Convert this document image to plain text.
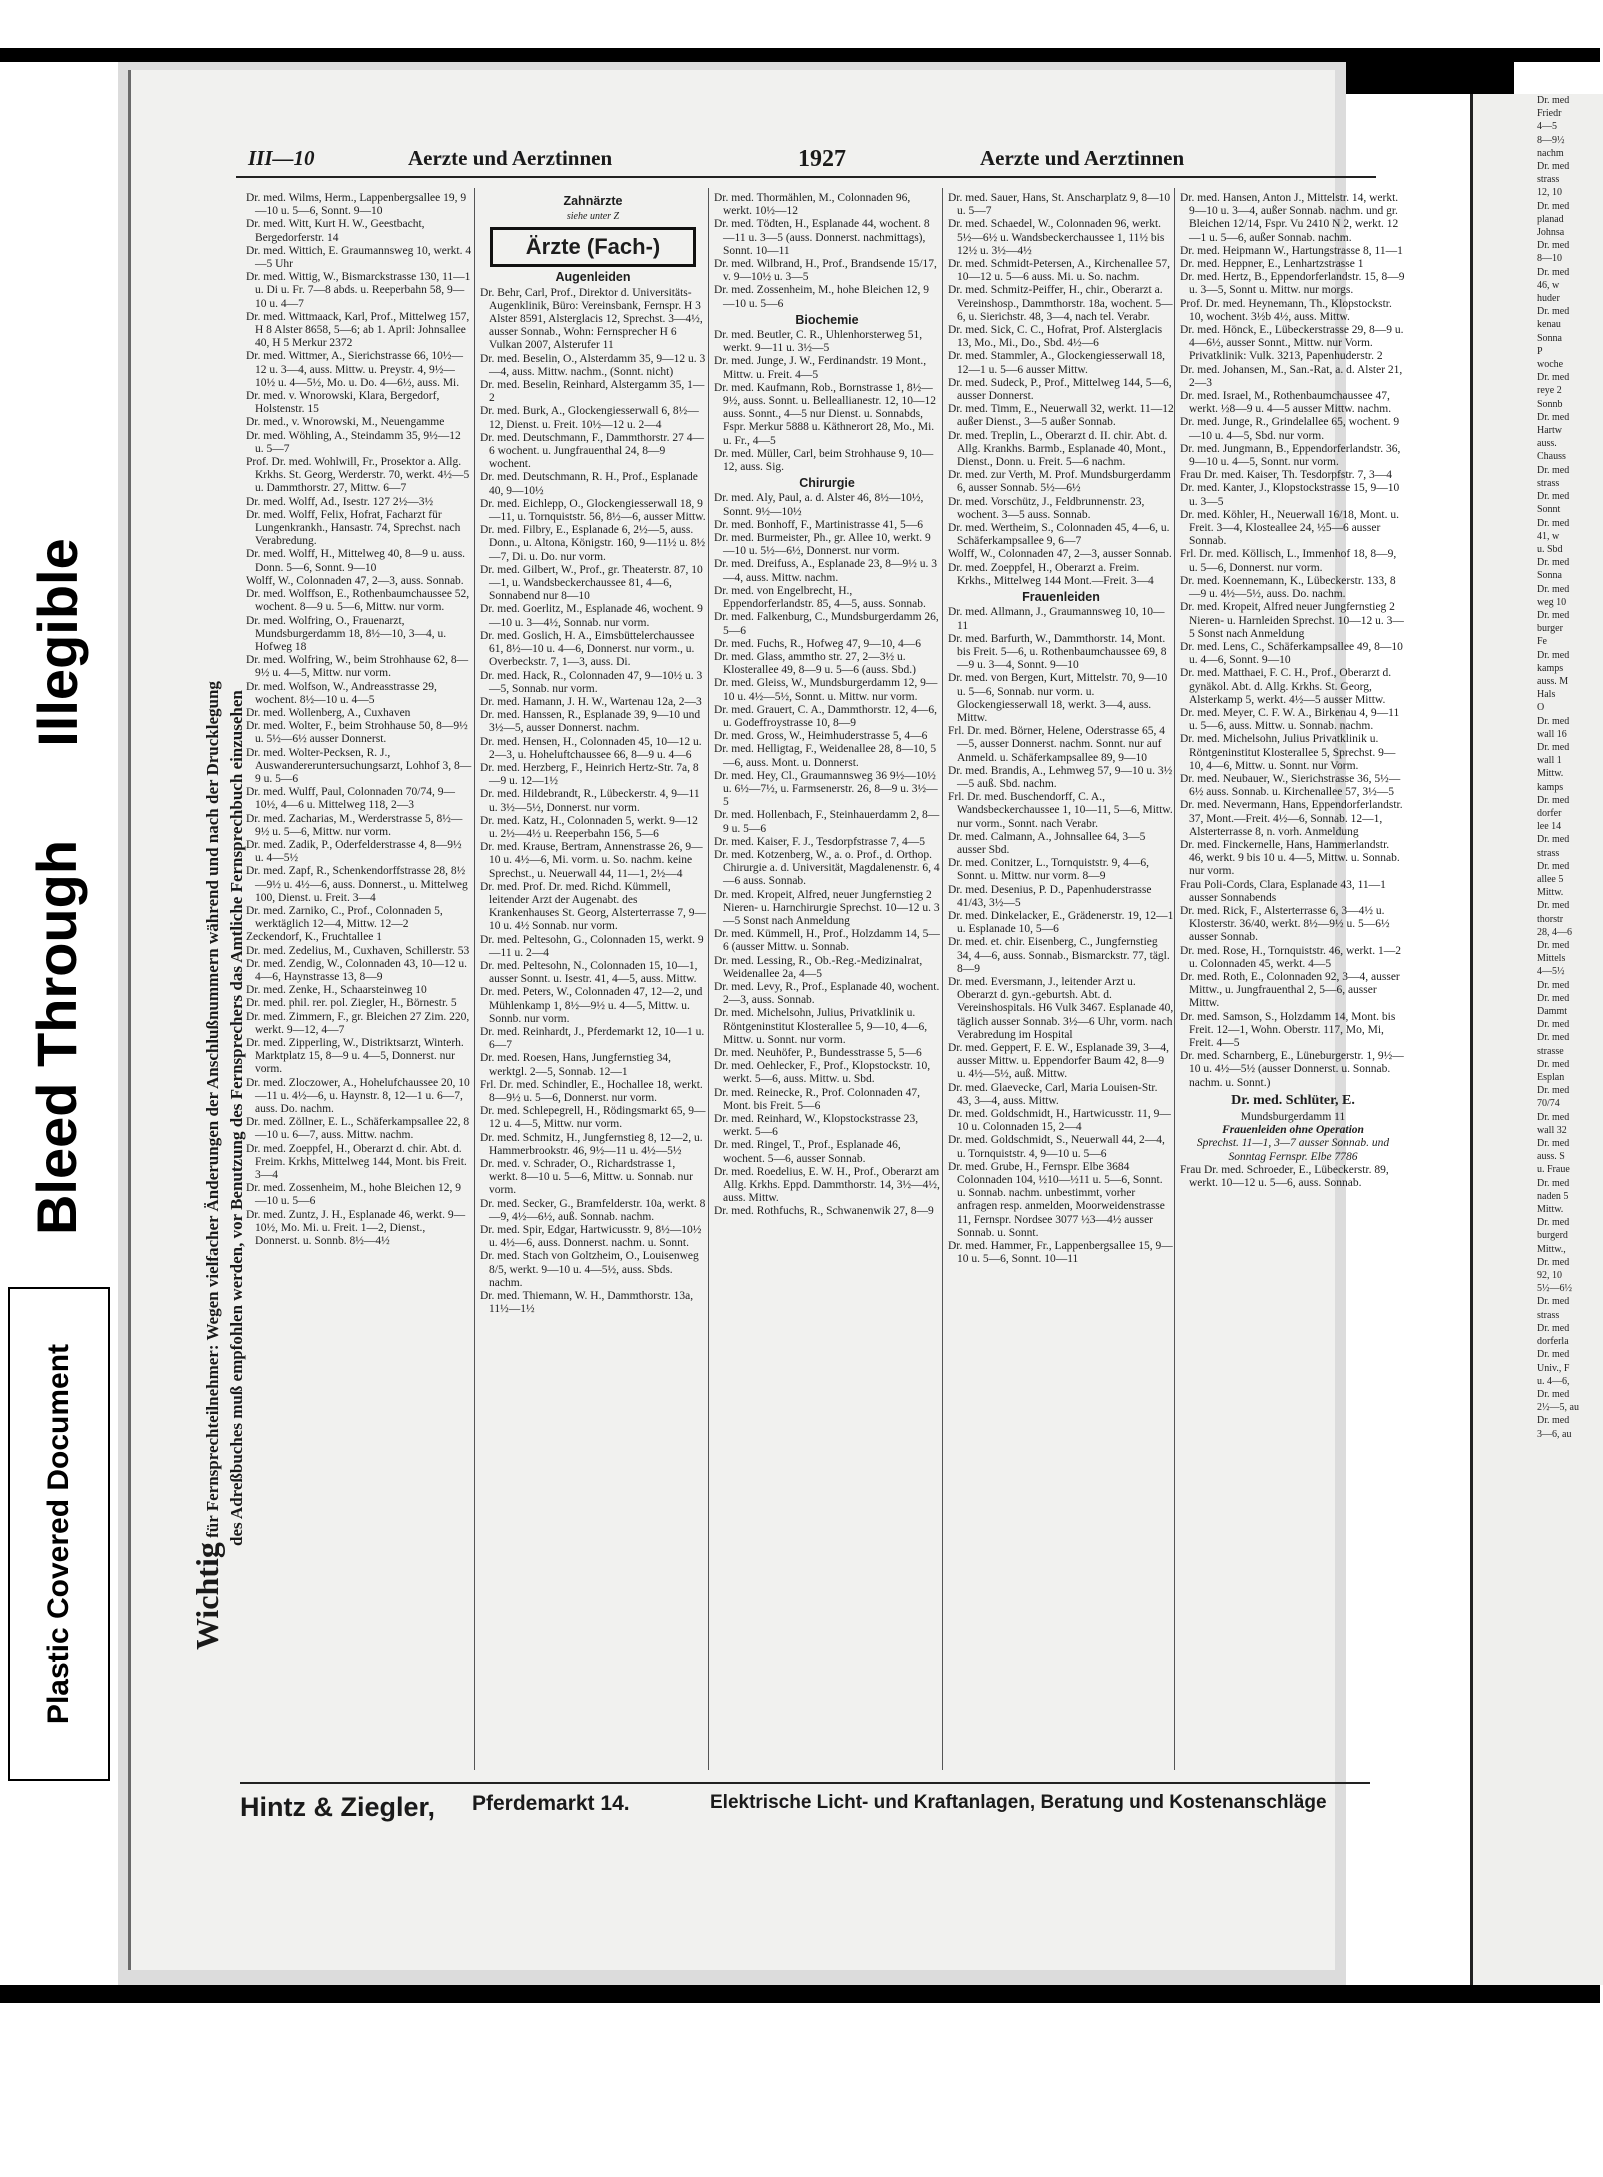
Illegible
Bleed Through
Plastic Covered Document
Dr. med
Friedr
4—5
8—9½
nachm
Dr. med
strass
12, 10
Dr. med
planad
Johnsa
Dr. med
8—10
Dr. med
46, w
huder
Dr. med
kenau
Sonna
P
woche
Dr. med
reye 2
Sonnb
Dr. med
Hartw
auss.
Chauss
Dr. med
strass
Dr. med
Sonnt
Dr. med
41, w
u. Sbd
Dr. med
Sonna
Dr. med
weg 10
Dr. med
burger
Fe
Dr. med
kamps
auss. M
Hals
O
Dr. med
wall 16
Dr. med
wall 1
Mittw.
kamps
Dr. med
dorfer
lee 14
Dr. med
strass
Dr. med
allee 5
Mittw.
Dr. med
thorstr
28, 4—6
Dr. med
Mittels
4—5½
Dr. med
Dr. med
Dammt
Dr. med
Dr. med
strasse
Dr. med
Esplan
Dr. med
70/74
Dr. med
wall 32
Dr. med
auss. S
u. Fraue
Dr. med
naden 5
Mittw.
Dr. med
burgerd
Mittw.,
Dr. med
92, 10
5½—6½
Dr. med
strass
Dr. med
dorferla
Dr. med
Univ., F
u. 4—6,
Dr. med
2½—5, au
Dr. med
3—6, au
III—10	Aerzte und Aerztinnen	1927	Aerzte und Aerztinnen

Wichtig für Fernsprechteilnehmer: Wegen vielfacher Änderungen der Anschlußnummern während und nach der Drucklegung des Adreßbuches muß empfohlen werden, vor Benutzung des Fernsprechers das Amtliche Fernsprechbuch einzusehen

Dr. med. Wilms, Herm., Lappenbergsallee 19, 9—10 u. 5—6, Sonnt. 9—10

Dr. med. Witt, Kurt H. W., Geestbacht, Bergedorferstr. 14

Dr. med. Wittich, E. Graumannsweg 10, werkt. 4—5 Uhr

Dr. med. Wittig, W., Bismarckstrasse 130, 11—1 u. Di u. Fr. 7—8 abds. u. Reeperbahn 58, 9—10 u. 4—7

Dr. med. Wittmaack, Karl, Prof., Mittelweg 157, H 8 Alster 8658, 5—6; ab 1. April: Johnsallee 40, H 5 Merkur 2372

Dr. med. Wittmer, A., Sierichstrasse 66, 10½—12 u. 3—4, auss. Mittw. u. Preystr. 4, 9½—10½ u. 4—5½, Mo. u. Do. 4—6½, auss. Mi.

Dr. med. v. Wnorowski, Klara, Bergedorf, Holstenstr. 15

Dr. med., v. Wnorowski, M., Neuengamme

Dr. med. Wöhling, A., Steindamm 35, 9½—12 u. 5—7

Prof. Dr. med. Wohlwill, Fr., Prosektor a. Allg. Krkhs. St. Georg, Werderstr. 70, werkt. 4½—5 u. Dammthorstr. 27, Mittw. 6—7

Dr. med. Wolff, Ad., Isestr. 127 2½—3½

Dr. med. Wolff, Felix, Hofrat, Facharzt für Lungenkrankh., Hansastr. 74, Sprechst. nach Verabredung.

Dr. med. Wolff, H., Mittelweg 40, 8—9 u. auss. Donn. 5—6, Sonnt. 9—10

Wolff, W., Colonnaden 47, 2—3, auss. Sonnab.

Dr. med. Wolffson, E., Rothenbaumchaussee 52, wochent. 8—9 u. 5—6, Mittw. nur vorm.

Dr. med. Wolfring, O., Frauenarzt, Mundsburgerdamm 18, 8½—10, 3—4, u. Hofweg 18

Dr. med. Wolfring, W., beim Strohhause 62, 8—9½ u. 4—5, Mittw. nur vorm.

Dr. med. Wolfson, W., Andreasstrasse 29, wochent. 8½—10 u. 4—5

Dr. med. Wollenberg, A., Cuxhaven

Dr. med. Wolter, F., beim Strohhause 50, 8—9½ u. 5½—6½ ausser Donnerst.

Dr. med. Wolter-Pecksen, R. J., Auswandereruntersuchungsarzt, Lohhof 3, 8—9 u. 5—6

Dr. med. Wulff, Paul, Colonnaden 70/74, 9—10½, 4—6 u. Mittelweg 118, 2—3

Dr. med. Zacharias, M., Werderstrasse 5, 8½—9½ u. 5—6, Mittw. nur vorm.

Dr. med. Zadik, P., Oderfelderstrasse 4, 8—9½ u. 4—5½

Dr. med. Zapf, R., Schenkendorffstrasse 28, 8½—9½ u. 4½—6, auss. Donnerst., u. Mittelweg 100, Dienst. u. Freit. 3—4

Dr. med. Zarniko, C., Prof., Colonnaden 5, werktäglich 12—4, Mittw. 12—2

Zeckendorf, K., Fruchtallee 1

Dr. med. Zedelius, M., Cuxhaven, Schillerstr. 53

Dr. med. Zendig, W., Colonnaden 43, 10—12 u. 4—6, Haynstrasse 13, 8—9

Dr. med. Zenke, H., Schaarsteinweg 10

Dr. med. phil. rer. pol. Ziegler, H., Börnestr. 5

Dr. med. Zimmern, F., gr. Bleichen 27 Zim. 220, werkt. 9—12, 4—7

Dr. med. Zipperling, W., Distriktsarzt, Winterh. Marktplatz 15, 8—9 u. 4—5, Donnerst. nur vorm.

Dr. med. Zloczower, A., Hohelufchaussee 20, 10—11 u. 4½—6, u. Haynstr. 8, 12—1 u. 6—7, auss. Do. nachm.

Dr. med. Zöllner, E. L., Schäferkampsallee 22, 8—10 u. 6—7, auss. Mittw. nachm.

Dr. med. Zoeppfel, H., Oberarzt d. chir. Abt. d. Freim. Krkhs, Mittelweg 144, Mont. bis Freit. 3—4

Dr. med. Zossenheim, M., hohe Bleichen 12, 9—10 u. 5—6

Dr. med. Zuntz, J. H., Esplanade 46, werkt. 9—10½, Mo. Mi. u. Freit. 1—2, Dienst., Donnerst. u. Sonnb. 8½—4½

Zahnärzte
siehe unter Z
Ärzte (Fach-)
Augenleiden

Dr. Behr, Carl, Prof., Direktor d. Universitäts-Augenklinik, Büro: Vereinsbank, Fernspr. H 3 Alster 8591, Alsterglacis 12, Sprechst. 3—4½, ausser Sonnab., Wohn: Fernsprecher H 6 Vulkan 2007, Alsterufer 11

Dr. med. Beselin, O., Alsterdamm 35, 9—12 u. 3—4, auss. Mittw. nachm., (Sonnt. nicht)

Dr. med. Beselin, Reinhard, Alstergamm 35, 1—2

Dr. med. Burk, A., Glockengiesserwall 6, 8½—12, Dienst. u. Freit. 10½—12 u. 2—4

Dr. med. Deutschmann, F., Dammthorstr. 27 4—6 wochent. u. Jungfrauenthal 24, 8—9 wochent.

Dr. med. Deutschmann, R. H., Prof., Esplanade 40, 9—10½

Dr. med. Eichlepp, O., Glockengiesserwall 18, 9—11, u. Tornquiststr. 56, 8½—6, ausser Mittw.

Dr. med. Filbry, E., Esplanade 6, 2½—5, auss. Donn., u. Altona, Königstr. 160, 9—11½ u. 8½—7, Di. u. Do. nur vorm.

Dr. med. Gilbert, W., Prof., gr. Theaterstr. 87, 10—1, u. Wandsbeckerchaussee 81, 4—6, Sonnabend nur 8—10

Dr. med. Goerlitz, M., Esplanade 46, wochent. 9—10 u. 3—4½, Sonnab. nur vorm.

Dr. med. Goslich, H. A., Eimsbüttelerchaussee 61, 8½—10 u. 4—6, Donnerst. nur vorm., u. Overbeckstr. 7, 1—3, auss. Di.

Dr. med. Hack, R., Colonnaden 47, 9—10½ u. 3—5, Sonnab. nur vorm.

Dr. med. Hamann, J. H. W., Wartenau 12a, 2—3

Dr. med. Hanssen, R., Esplanade 39, 9—10 und 3½—5, ausser Donnerst. nachm.

Dr. med. Hensen, H., Colonnaden 45, 10—12 u. 2—3, u. Hoheluftchaussee 66, 8—9 u. 4—6

Dr. med. Herzberg, F., Heinrich Hertz-Str. 7a, 8—9 u. 12—1½

Dr. med. Hildebrandt, R., Lübeckerstr. 4, 9—11 u. 3½—5½, Donnerst. nur vorm.

Dr. med. Katz, H., Colonnaden 5, werkt. 9—12 u. 2½—4½ u. Reeperbahn 156, 5—6

Dr. med. Krause, Bertram, Annenstrasse 26, 9—10 u. 4½—6, Mi. vorm. u. So. nachm. keine Sprechst., u. Neuerwall 44, 11—1, 2½—4

Dr. med. Prof. Dr. med. Richd. Kümmell, leitender Arzt der Augenabt. des Krankenhauses St. Georg, Alsterterrasse 7, 9—10 u. 4½ Sonnab. nur vorm.

Dr. med. Peltesohn, G., Colonnaden 15, werkt. 9—11 u. 2—4

Dr. med. Peltesohn, N., Colonnaden 15, 10—1, ausser Sonnt. u. Isestr. 41, 4—5, auss. Mittw.

Dr. med. Peters, W., Colonnaden 47, 12—2, und Mühlenkamp 1, 8½—9½ u. 4—5, Mittw. u. Sonnb. nur vorm.

Dr. med. Reinhardt, J., Pferdemarkt 12, 10—1 u. 6—7

Dr. med. Roesen, Hans, Jungfernstieg 34, werktgl. 2—5, Sonnab. 12—1

Frl. Dr. med. Schindler, E., Hochallee 18, werkt. 8—9½ u. 5—6, Donnerst. nur vorm.

Dr. med. Schlepegrell, H., Rödingsmarkt 65, 9—12 u. 4—5, Mittw. nur vorm.

Dr. med. Schmitz, H., Jungfernstieg 8, 12—2, u. Hammerbrookstr. 46, 9½—11 u. 4½—5½

Dr. med. v. Schrader, O., Richardstrasse 1, werkt. 8—10 u. 5—6, Mittw. u. Sonnab. nur vorm.

Dr. med. Secker, G., Bramfelderstr. 10a, werkt. 8—9, 4½—6½, auß. Sonnab. nachm.

Dr. med. Spir, Edgar, Hartwicusstr. 9, 8½—10½ u. 4½—6, auss. Donnerst. nachm. u. Sonnt.

Dr. med. Stach von Goltzheim, O., Louisenweg 8/5, werkt. 9—10 u. 4—5½, auss. Sbds. nachm.

Dr. med. Thiemann, W. H., Dammthorstr. 13a, 11½—1½

Dr. med. Thormählen, M., Colonnaden 96, werkt. 10½—12

Dr. med. Tödten, H., Esplanade 44, wochent. 8—11 u. 3—5 (auss. Donnerst. nachmittags), Sonnt. 10—11

Dr. med. Wilbrand, H., Prof., Brandsende 15/17, v. 9—10½ u. 3—5

Dr. med. Zossenheim, M., hohe Bleichen 12, 9—10 u. 5—6

Biochemie

Dr. med. Beutler, C. R., Uhlenhorsterweg 51, werkt. 9—11 u. 3½—5

Dr. med. Junge, J. W., Ferdinandstr. 19 Mont., Mittw. u. Freit. 4—5

Dr. med. Kaufmann, Rob., Bornstrasse 1, 8½—9½, auss. Sonnt. u. Belleallianestr. 12, 10—12 auss. Sonnt., 4—5 nur Dienst. u. Sonnabds, Fspr. Merkur 5888 u. Käthnerort 28, Mo., Mi. u. Fr., 4—5

Dr. med. Müller, Carl, beim Strohhause 9, 10—12, auss. Sig.

Chirurgie

Dr. med. Aly, Paul, a. d. Alster 46, 8½—10½, Sonnt. 9½—10½

Dr. med. Bonhoff, F., Martinistrasse 41, 5—6

Dr. med. Burmeister, Ph., gr. Allee 10, werkt. 9—10 u. 5½—6½, Donnerst. nur vorm.

Dr. med. Dreifuss, A., Esplanade 23, 8—9½ u. 3—4, auss. Mittw. nachm.

Dr. med. von Engelbrecht, H., Eppendorferlandstr. 85, 4—5, auss. Sonnab.

Dr. med. Falkenburg, C., Mundsburgerdamm 26, 5—6

Dr. med. Fuchs, R., Hofweg 47, 9—10, 4—6

Dr. med. Glass, ammtho str. 27, 2—3½ u. Klosterallee 49, 8—9 u. 5—6 (auss. Sbd.)

Dr. med. Gleiss, W., Mundsburgerdamm 12, 9—10 u. 4½—5½, Sonnt. u. Mittw. nur vorm.

Dr. med. Grauert, C. A., Dammthorstr. 12, 4—6, u. Godeffroystrasse 10, 8—9

Dr. med. Gross, W., Heimhuderstrasse 5, 4—6

Dr. med. Helligtag, F., Weidenallee 28, 8—10, 5—6, auss. Mont. u. Donnerst.

Dr. med. Hey, Cl., Graumannsweg 36 9½—10½ u. 6½—7½, u. Farmsenerstr. 26, 8—9 u. 3½—5

Dr. med. Hollenbach, F., Steinhauerdamm 2, 8—9 u. 5—6

Dr. med. Kaiser, F. J., Tesdorpfstrasse 7, 4—5

Dr. med. Kotzenberg, W., a. o. Prof., d. Orthop. Chirurgie a. d. Universität, Magdalenenstr. 6, 4—6 auss. Sonnab.

Dr. med. Kropeit, Alfred, neuer Jungfernstieg 2 Nieren- u. Harnchirurgie Sprechst. 10—12 u. 3—5 Sonst nach Anmeldung

Dr. med. Kümmell, H., Prof., Holzdamm 14, 5—6 (ausser Mittw. u. Sonnab.

Dr. med. Lessing, R., Ob.-Reg.-Medizinalrat, Weidenallee 2a, 4—5

Dr. med. Levy, R., Prof., Esplanade 40, wochent. 2—3, auss. Sonnab.

Dr. med. Michelsohn, Julius, Privatklinik u. Röntgeninstitut Klosterallee 5, 9—10, 4—6, Mittw. u. Sonnt. nur vorm.

Dr. med. Neuhöfer, P., Bundesstrasse 5, 5—6

Dr. med. Oehlecker, F., Prof., Klopstockstr. 10, werkt. 5—6, auss. Mittw. u. Sbd.

Dr. med. Reinecke, R., Prof. Colonnaden 47, Mont. bis Freit. 5—6

Dr. med. Reinhard, W., Klopstockstrasse 23, werkt. 5—6

Dr. med. Ringel, T., Prof., Esplanade 46, wochent. 5—6, ausser Sonnab.

Dr. med. Roedelius, E. W. H., Prof., Oberarzt am Allg. Krkhs. Eppd. Dammthorstr. 14, 3½—4½, auss. Mittw.

Dr. med. Rothfuchs, R., Schwanenwik 27, 8—9

Dr. med. Sauer, Hans, St. Anscharplatz 9, 8—10 u. 5—7

Dr. med. Schaedel, W., Colonnaden 96, werkt. 5½—6½ u. Wandsbeckerchaussee 1, 11½ bis 12½ u. 3½—4½

Dr. med. Schmidt-Petersen, A., Kirchenallee 57, 10—12 u. 5—6 auss. Mi. u. So. nachm.

Dr. med. Schmitz-Peiffer, H., chir., Oberarzt a. Vereinshosp., Dammthorstr. 18a, wochent. 5—6, u. Sierichstr. 48, 3—4, nach tel. Verabr.

Dr. med. Sick, C. C., Hofrat, Prof. Alsterglacis 13, Mo., Mi., Do., Sbd. 4½—6

Dr. med. Stammler, A., Glockengiesserwall 18, 12—1 u. 5—6 ausser Mittw.

Dr. med. Sudeck, P., Prof., Mittelweg 144, 5—6, ausser Donnerst.

Dr. med. Timm, E., Neuerwall 32, werkt. 11—12 außer Dienst., 3—5 außer Sonnab.

Dr. med. Treplin, L., Oberarzt d. II. chir. Abt. d. Allg. Krankhs. Barmb., Esplanade 40, Mont., Dienst., Donn. u. Freit. 5—6 nachm.

Dr. med. zur Verth, M. Prof. Mundsburgerdamm 6, ausser Sonnab. 5½—6½

Dr. med. Vorschütz, J., Feldbrunnenstr. 23, wochent. 3—5 auss. Sonnab.

Dr. med. Wertheim, S., Colonnaden 45, 4—6, u. Schäferkampsallee 9, 6—7

Wolff, W., Colonnaden 47, 2—3, ausser Sonnab.

Dr. med. Zoeppfel, H., Oberarzt a. Freim. Krkhs., Mittelweg 144 Mont.—Freit. 3—4

Frauenleiden

Dr. med. Allmann, J., Graumannsweg 10, 10—11

Dr. med. Barfurth, W., Dammthorstr. 14, Mont. bis Freit. 5—6, u. Rothenbaumchaussee 69, 8—9 u. 3—4, Sonnt. 9—10

Dr. med. von Bergen, Kurt, Mittelstr. 70, 9—10 u. 5—6, Sonnab. nur vorm. u. Glockengiesserwall 18, werkt. 3—4, auss. Mittw.

Frl. Dr. med. Börner, Helene, Oderstrasse 65, 4—5, ausser Donnerst. nachm. Sonnt. nur auf Anmeld. u. Schäferkampsallee 89, 9—10

Dr. med. Brandis, A., Lehmweg 57, 9—10 u. 3½—5 auß. Sbd. nachm.

Frl. Dr. med. Buschendorff, C. A., Wandsbeckerchaussee 1, 10—11, 5—6, Mittw. nur vorm., Sonnt. nach Verabr.

Dr. med. Calmann, A., Johnsallee 64, 3—5 ausser Sbd.

Dr. med. Conitzer, L., Tornquiststr. 9, 4—6, Sonnt. u. Mittw. nur vorm. 8—9

Dr. med. Desenius, P. D., Papenhuderstrasse 41/43, 3½—5

Dr. med. Dinkelacker, E., Grädenerstr. 19, 12—1 u. Esplanade 10, 5—6

Dr. med. et. chir. Eisenberg, C., Jungfernstieg 34, 4—6, auss. Sonnab., Bismarckstr. 77, tägl. 8—9

Dr. med. Eversmann, J., leitender Arzt u. Oberarzt d. gyn.-geburtsh. Abt. d. Vereinshospitals. H6 Vulk 3467. Esplanade 40, täglich ausser Sonnab. 3½—6 Uhr, vorm. nach Verabredung im Hospital

Dr. med. Geppert, F. E. W., Esplanade 39, 3—4, ausser Mittw. u. Eppendorfer Baum 42, 8—9 u. 4½—5½, auß. Mittw.

Dr. med. Glaevecke, Carl, Maria Louisen-Str. 43, 3—4, auss. Mittw.

Dr. med. Goldschmidt, H., Hartwicusstr. 11, 9—10 u. Colonnaden 15, 2—4

Dr. med. Goldschmidt, S., Neuerwall 44, 2—4, u. Tornquiststr. 4, 9—10 u. 5—6

Dr. med. Grube, H., Fernspr. Elbe 3684 Colonnaden 104, ½10—½11 u. 5—6, Sonnt. u. Sonnab. nachm. unbestimmt, vorher anfragen resp. anmelden, Moorweidenstrasse 11, Fernspr. Nordsee 3077 ½3—4½ ausser Sonnab. u. Sonnt.

Dr. med. Hammer, Fr., Lappenbergsallee 15, 9—10 u. 5—6, Sonnt. 10—11

Dr. med. Hansen, Anton J., Mittelstr. 14, werkt. 9—10 u. 3—4, außer Sonnab. nachm. und gr. Bleichen 12/14, Fspr. Vu 2410 N 2, werkt. 12—1 u. 5—6, außer Sonnab. nachm.

Dr. med. Heipmann W., Hartungstrasse 8, 11—1

Dr. med. Heppner, E., Lenhartzstrasse 1

Dr. med. Hertz, B., Eppendorferlandstr. 15, 8—9 u. 3—5, Sonnt u. Mittw. nur morgs.

Prof. Dr. med. Heynemann, Th., Klopstockstr. 10, wochent. 3½b 4½, auss. Mittw.

Dr. med. Hönck, E., Lübeckerstrasse 29, 8—9 u. 4—6½, ausser Sonnt., Mittw. nur Vorm. Privatklinik: Vulk. 3213, Papenhuderstr. 2

Dr. med. Johansen, M., San.-Rat, a. d. Alster 21, 2—3

Dr. med. Israel, M., Rothenbaumchaussee 47, werkt. ½8—9 u. 4—5 ausser Mittw. nachm.

Dr. med. Junge, R., Grindelallee 65, wochent. 9—10 u. 4—5, Sbd. nur vorm.

Dr. med. Jungmann, B., Eppendorferlandstr. 36, 9—10 u. 4—5, Sonnt. nur vorm.

Frau Dr. med. Kaiser, Th. Tesdorpfstr. 7, 3—4

Dr. med. Kanter, J., Klopstockstrasse 15, 9—10 u. 3—5

Dr. med. Köhler, H., Neuerwall 16/18, Mont. u. Freit. 3—4, Klosteallee 24, ½5—6 ausser Sonnab.

Frl. Dr. med. Köllisch, L., Immenhof 18, 8—9, u. 5—6, Donnerst. nur vorm.

Dr. med. Koennemann, K., Lübeckerstr. 133, 8—9 u. 4½—5½, auss. Do. nachm.

Dr. med. Kropeit, Alfred neuer Jungfernstieg 2 Nieren- u. Harnleiden Sprechst. 10—12 u. 3—5 Sonst nach Anmeldung

Dr. med. Lens, C., Schäferkampsallee 49, 8—10 u. 4—6, Sonnt. 9—10

Dr. med. Matthaei, F. C. H., Prof., Oberarzt d. gynäkol. Abt. d. Allg. Krkhs. St. Georg, Alsterkamp 5, werkt. 4½—5 ausser Mittw.

Dr. med. Meyer, C. F. W. A., Birkenau 4, 9—11 u. 5—6, auss. Mittw. u. Sonnab. nachm.

Dr. med. Michelsohn, Julius Privatklinik u. Röntgeninstitut Klosterallee 5, Sprechst. 9—10, 4—6, Mittw. u. Sonnt. nur Vorm.

Dr. med. Neubauer, W., Sierichstrasse 36, 5½—6½ auss. Sonnab. u. Kirchenallee 57, 3½—5

Dr. med. Nevermann, Hans, Eppendorferlandstr. 37, Mont.—Freit. 4½—6, Sonnab. 12—1, Alsterterrasse 8, n. vorh. Anmeldung

Dr. med. Finckernelle, Hans, Hammerlandstr. 46, werkt. 9 bis 10 u. 4—5, Mittw. u. Sonnab. nur vorm.

Frau Poli-Cords, Clara, Esplanade 43, 11—1 ausser Sonnabends

Dr. med. Rick, F., Alsterterrasse 6, 3—4½ u. Klosterstr. 36/40, werkt. 8½—9½ u. 5—6½ ausser Sonnab.

Dr. med. Rose, H., Tornquiststr. 46, werkt. 1—2 u. Colonnaden 45, werkt. 4—5

Dr. med. Roth, E., Colonnaden 92, 3—4, ausser Mittw., u. Jungfrauenthal 2, 5—6, ausser Mittw.

Dr. med. Samson, S., Holzdamm 14, Mont. bis Freit. 12—1, Wohn. Oberstr. 117, Mo, Mi, Freit. 4—5

Dr. med. Scharnberg, E., Lüneburgerstr. 1, 9½—10 u. 4½—5½ (ausser Donnerst. u. Sonnab. nachm. u. Sonnt.)

Dr. med. Schlüter, E.
Mundsburgerdamm 11
Frauenleiden ohne Operation
Sprechst. 11—1, 3—7 ausser Sonnab. und Sonntag Fernspr. Elbe 7786

Frau Dr. med. Schroeder, E., Lübeckerstr. 89, werkt. 10—12 u. 5—6, auss. Sonnab.

Hintz & Ziegler, Pferdemarkt 14.	Elektrische Licht- und Kraftanlagen, Beratung und Kostenanschläge
